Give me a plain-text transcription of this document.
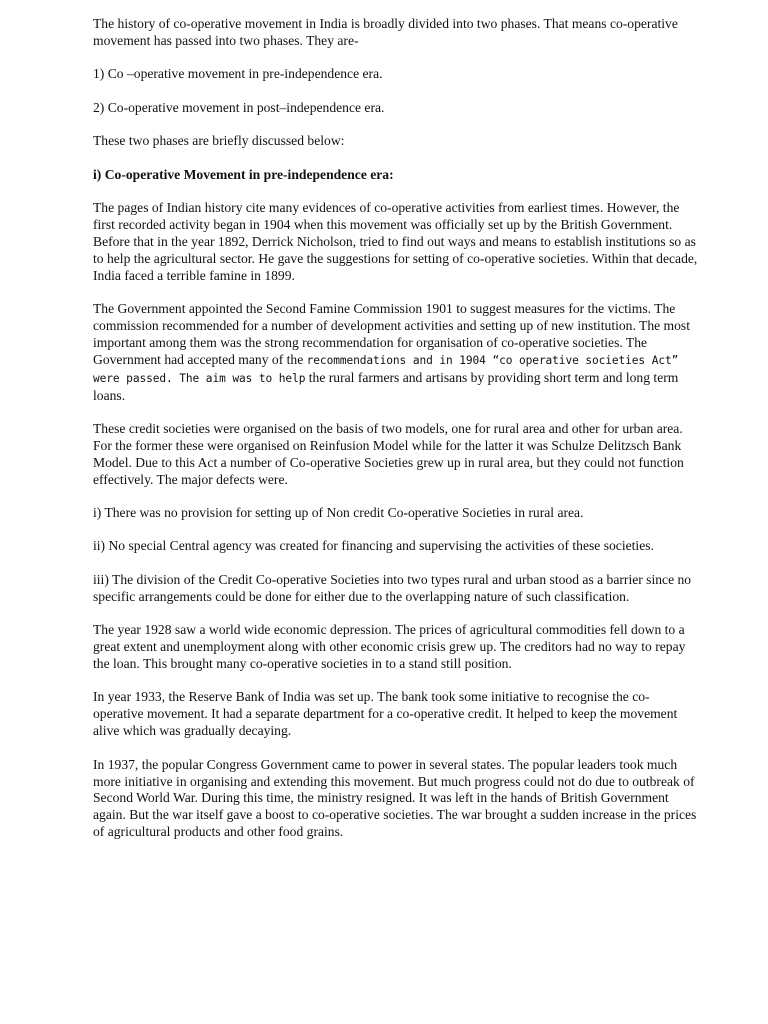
The history of co-operative movement in India is broadly divided into two phases. That means co-operative movement has passed into two phases. They are-

1) Co –operative movement in pre-independence era.

2) Co-operative movement in post–independence era.

These two phases are briefly discussed below:

i) Co-operative Movement in pre-independence era:

The pages of Indian history cite many evidences of co-operative activities from earliest times. However, the first recorded activity began in 1904 when this movement was officially set up by the British Government. Before that in the year 1892, Derrick Nicholson, tried to find out ways and means to establish institutions so as to help the agricultural sector. He gave the suggestions for setting of co-operative societies. Within that decade, India faced a terrible famine in 1899.

The Government appointed the Second Famine Commission 1901 to suggest measures for the victims. The commission recommended for a number of development activities and setting up of new institution. The most important among them was the strong recommendation for organisation of co-operative societies. The Government had accepted many of the recommendations and in 1904 “co operative societies Act” were passed. The aim was to help the rural farmers and artisans by providing short term and long term loans.

These credit societies were organised on the basis of two models, one for rural area and other for urban area. For the former these were organised on Reinfusion Model while for the latter it was Schulze Delitzsch Bank Model. Due to this Act a number of Co-operative Societies grew up in rural area, but they could not function effectively. The major defects were.

i) There was no provision for setting up of Non credit Co-operative Societies in rural area.

ii) No special Central agency was created for financing and supervising the activities of these societies.

iii) The division of the Credit Co-operative Societies into two types rural and urban stood as a barrier since no specific arrangements could be done for either due to the overlapping nature of such classification.

The year 1928 saw a world wide economic depression. The prices of agricultural commodities fell down to a great extent and unemployment along with other economic crisis grew up. The creditors had no way to repay the loan. This brought many co-operative societies in to a stand still position.

In year 1933, the Reserve Bank of India was set up. The bank took some initiative to recognise the co-operative movement. It had a separate department for a co-operative credit. It helped to keep the movement alive which was gradually decaying.

In 1937, the popular Congress Government came to power in several states. The popular leaders took much more initiative in organising and extending this movement. But much progress could not do due to outbreak of Second World War. During this time, the ministry resigned. It was left in the hands of British Government again. But the war itself gave a boost to co-operative societies. The war brought a sudden increase in the prices of agricultural products and other food grains.
